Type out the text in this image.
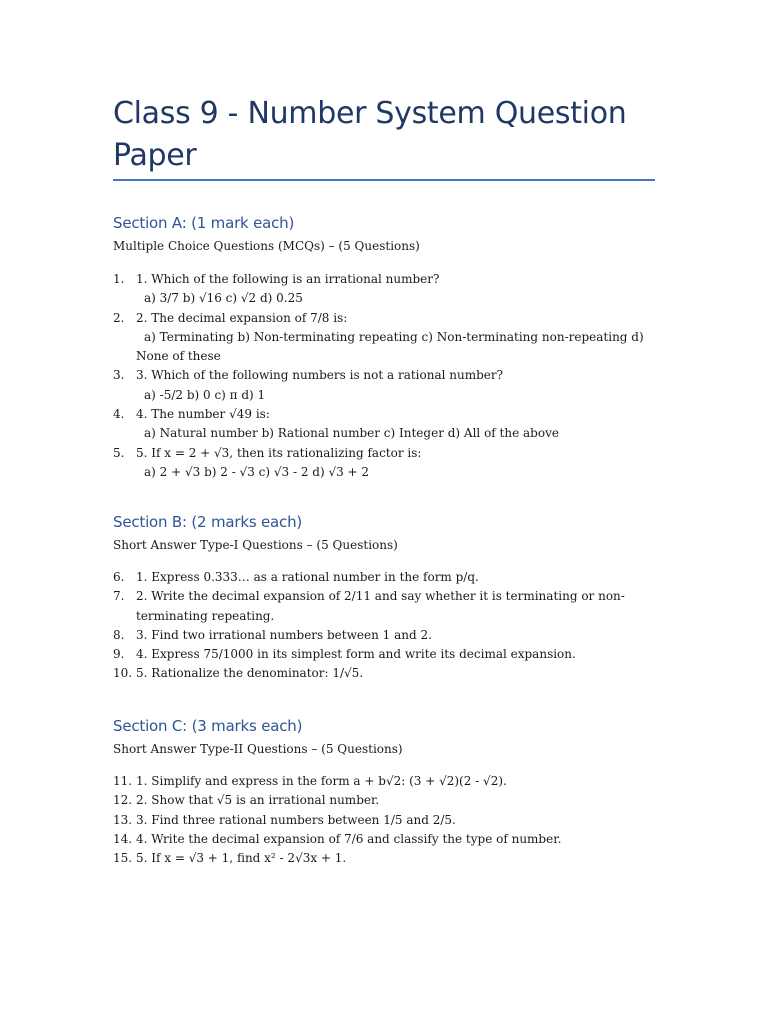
Class 9 - Number System Question Paper
Section A: (1 mark each)

Multiple Choice Questions (MCQs) – (5 Questions)

1. 1. Which of the following is an irrational number?
a) 3/7 b) √16 c) √2 d) 0.25
2. 2. The decimal expansion of 7/8 is:
a) Terminating b) Non-terminating repeating c) Non-terminating non-repeating d) None of these
3. 3. Which of the following numbers is not a rational number?
a) -5/2 b) 0 c) π d) 1
4. 4. The number √49 is:
a) Natural number b) Rational number c) Integer d) All of the above
5. 5. If x = 2 + √3, then its rationalizing factor is:
a) 2 + √3 b) 2 - √3 c) √3 - 2 d) √3 + 2
Section B: (2 marks each)

Short Answer Type-I Questions – (5 Questions)

6. 1. Express 0.333… as a rational number in the form p/q.
7. 2. Write the decimal expansion of 2/11 and say whether it is terminating or non-terminating repeating.
8. 3. Find two irrational numbers between 1 and 2.
9. 4. Express 75/1000 in its simplest form and write its decimal expansion.
10. 5. Rationalize the denominator: 1/√5.
Section C: (3 marks each)

Short Answer Type-II Questions – (5 Questions)

11. 1. Simplify and express in the form a + b√2: (3 + √2)(2 - √2).
12. 2. Show that √5 is an irrational number.
13. 3. Find three rational numbers between 1/5 and 2/5.
14. 4. Write the decimal expansion of 7/6 and classify the type of number.
15. 5. If x = √3 + 1, find x² - 2√3x + 1.
